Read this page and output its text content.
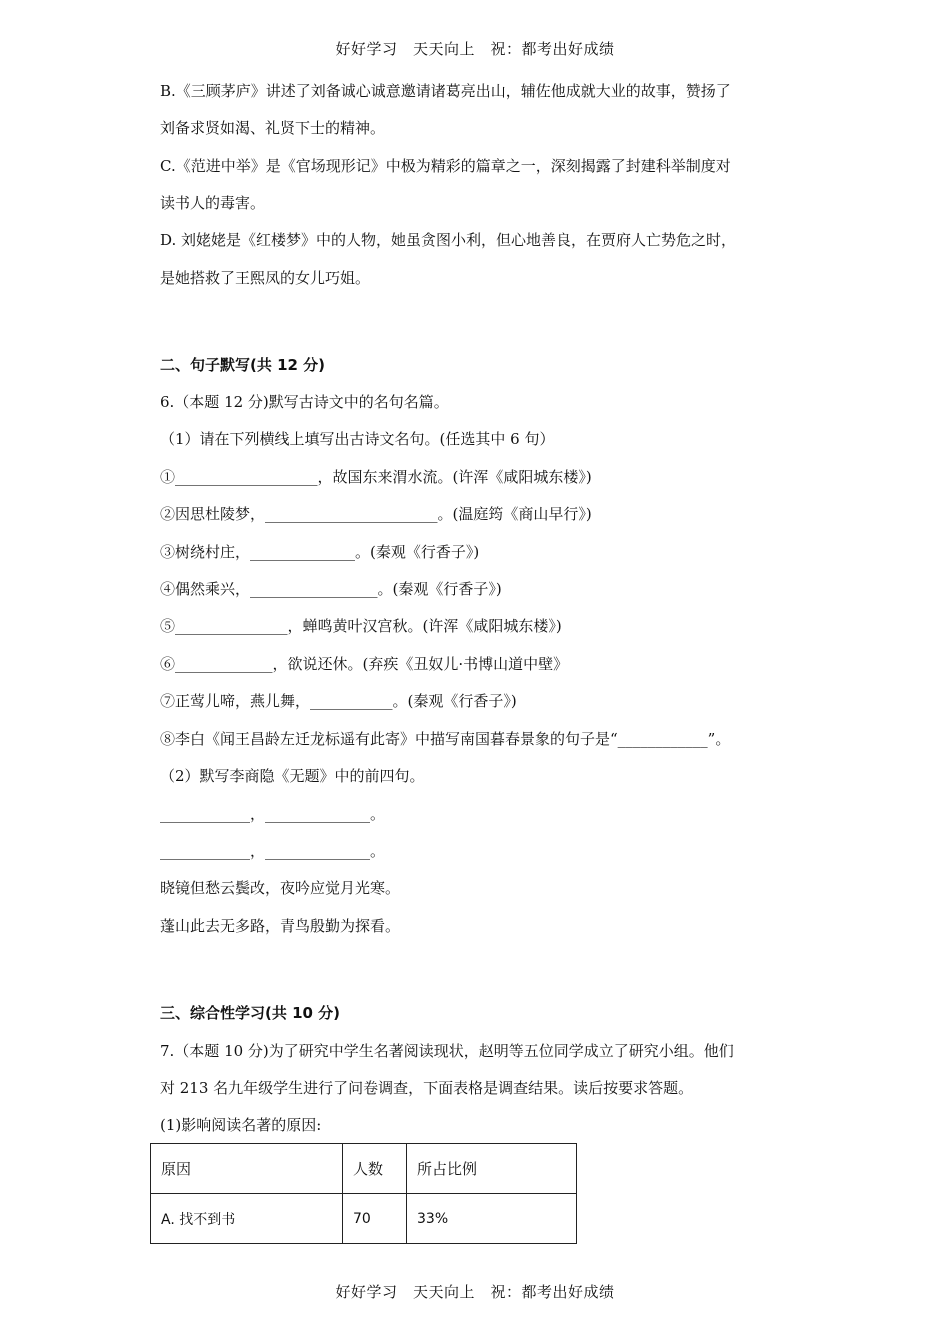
好好学习　天天向上　祝：都考出好成绩
B.《三顾茅庐》讲述了刘备诚心诚意邀请诸葛亮出山，辅佐他成就大业的故事，赞扬了
刘备求贤如渴、礼贤下士的精神。
C.《范进中举》是《官场现形记》中极为精彩的篇章之一，深刻揭露了封建科举制度对
读书人的毒害。
D. 刘姥姥是《红楼梦》中的人物，她虽贪图小利，但心地善良，在贾府人亡势危之时，
是她搭救了王熙凤的女儿巧姐。
二、句子默写(共 12 分)
6.（本题 12 分)默写古诗文中的名句名篇。
（1）请在下列横线上填写出古诗文名句。(任选其中 6 句）
①___________________，故国东来渭水流。(许浑《咸阳城东楼》)
②因思杜陵梦，_______________________。(温庭筠《商山早行》)
③树绕村庄，______________。(秦观《行香子》)
④偶然乘兴，_________________。(秦观《行香子》)
⑤_______________，蝉鸣黄叶汉宫秋。(许浑《咸阳城东楼》)
⑥_____________，欲说还休。(弃疾《丑奴儿·书博山道中壁》
⑦正莺儿啼，燕儿舞，___________。(秦观《行香子》)
⑧李白《闻王昌龄左迁龙标遥有此寄》中描写南国暮春景象的句子是“____________”。
（2）默写李商隐《无题》中的前四句。
____________，______________。
____________，______________。
晓镜但愁云鬓改，夜吟应觉月光寒。
蓬山此去无多路，青鸟殷勤为探看。
三、综合性学习(共 10 分)
7.（本题 10 分)为了研究中学生名著阅读现状，赵明等五位同学成立了研究小组。他们
对 213 名九年级学生进行了问卷调查，下面表格是调查结果。读后按要求答题。
(1)影响阅读名著的原因:
原因	人数	所占比例
A. 找不到书	70	33%
好好学习　天天向上　祝：都考出好成绩
